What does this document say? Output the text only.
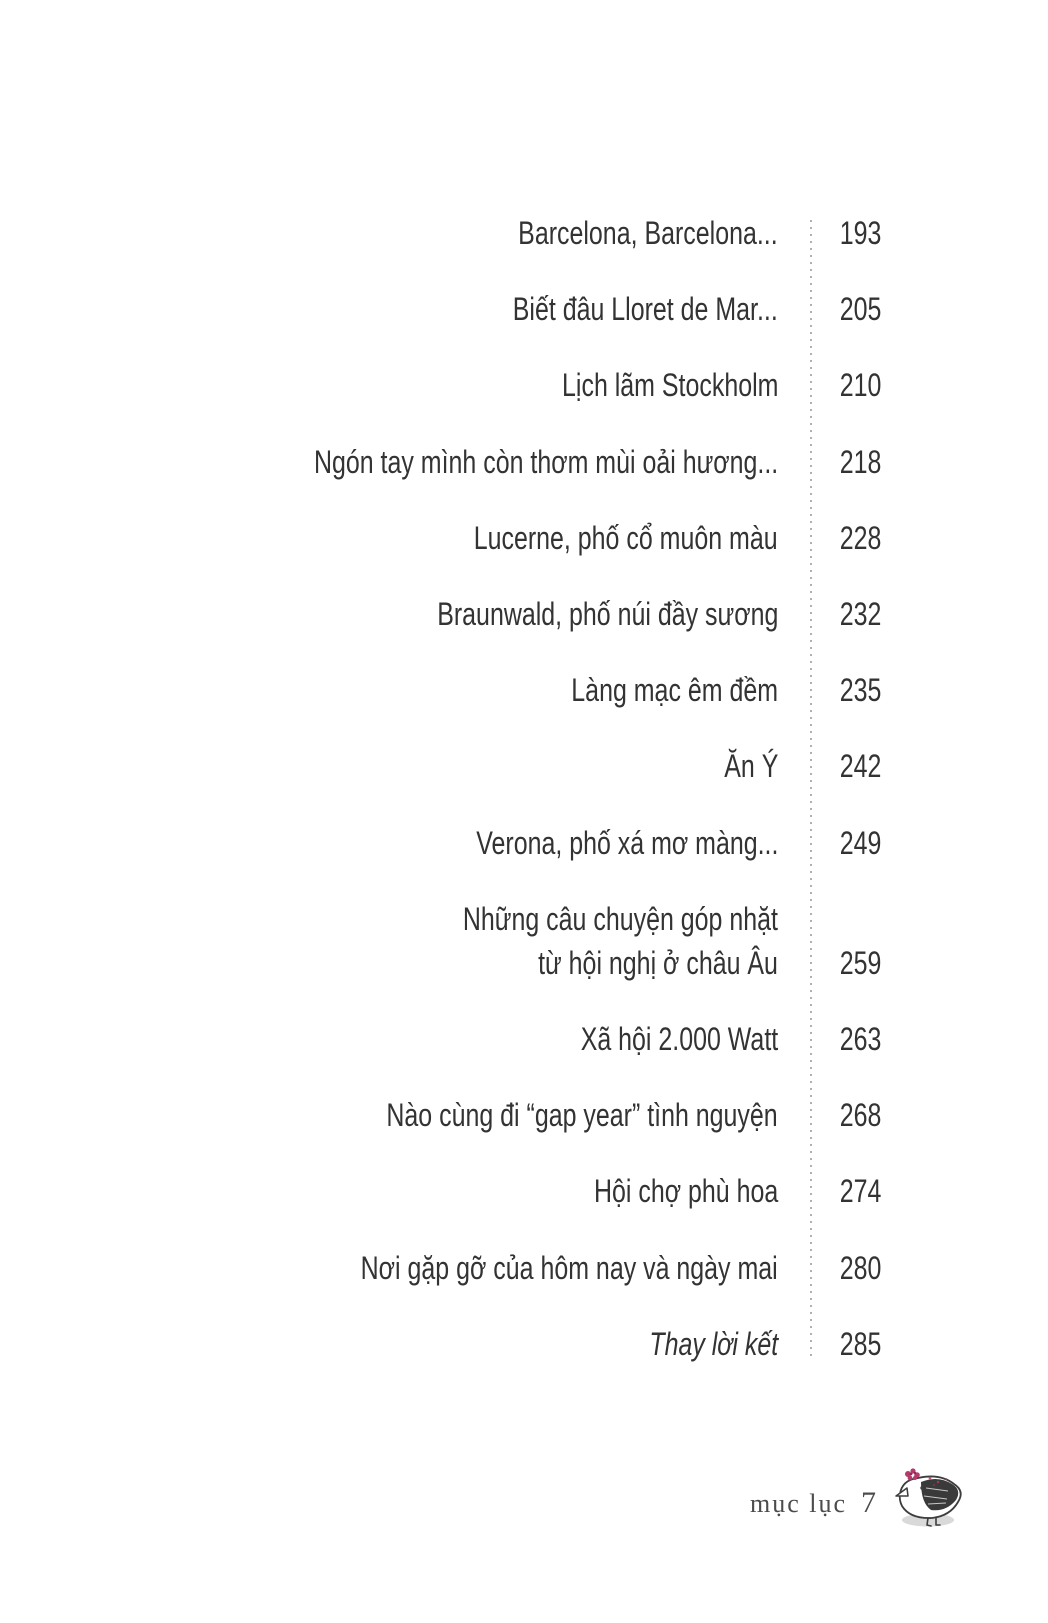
Barcelona, Barcelona...	193
Biết đâu Lloret de Mar...	205
Lịch lãm Stockholm	210
Ngón tay mình còn thơm mùi oải hương...	218
Lucerne, phố cổ muôn màu	228
Braunwald, phố núi đầy sương	232
Làng mạc êm đềm	235
Ăn Ý	242
Verona, phố xá mơ màng...	249
Những câu chuyện góp nhặt
từ hội nghị ở châu Âu	259
Xã hội 2.000 Watt	263
Nào cùng đi “gap year” tình nguyện	268
Hội chợ phù hoa	274
Nơi gặp gỡ của hôm nay và ngày mai	280
Thay lời kết	285
mục lục 7
